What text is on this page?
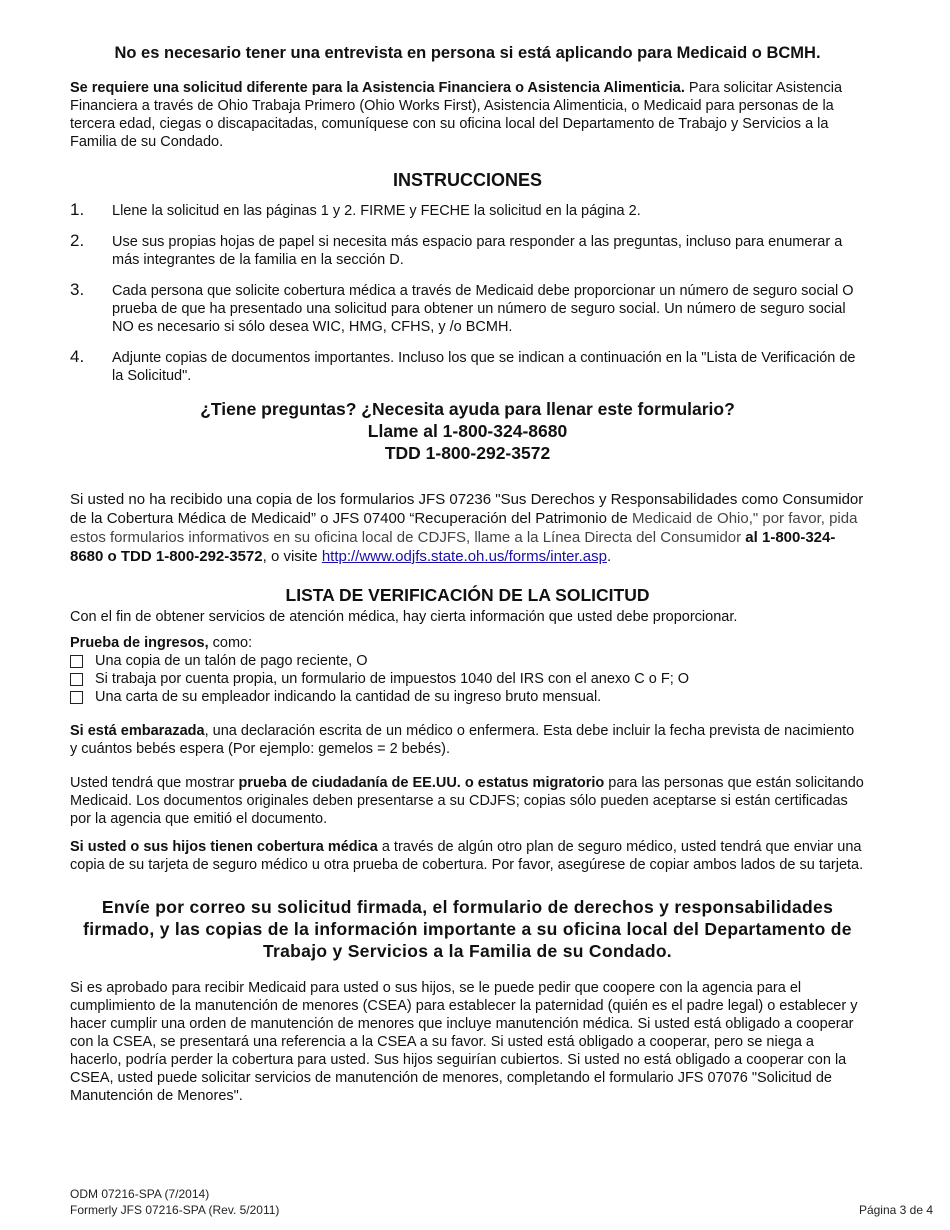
No es necesario tener una entrevista en persona si está aplicando para Medicaid o BCMH.

Se requiere una solicitud diferente para la Asistencia Financiera o Asistencia Alimenticia. Para solicitar Asistencia Financiera a través de Ohio Trabaja Primero (Ohio Works First), Asistencia Alimenticia, o Medicaid para personas de la tercera edad, ciegas o discapacitadas, comuníquese con su oficina local del Departamento de Trabajo y Servicios a la Familia de su Condado.

INSTRUCCIONES
1. Llene la solicitud en las páginas 1 y 2. FIRME y FECHE la solicitud en la página 2.
2. Use sus propias hojas de papel si necesita más espacio para responder a las preguntas, incluso para enumerar a más integrantes de la familia en la sección D.
3. Cada persona que solicite cobertura médica a través de Medicaid debe proporcionar un número de seguro social O prueba de que ha presentado una solicitud para obtener un número de seguro social. Un número de seguro social NO es necesario si sólo desea WIC, HMG, CFHS, y /o BCMH.
4. Adjunte copias de documentos importantes. Incluso los que se indican a continuación en la "Lista de Verificación de la Solicitud".
¿Tiene preguntas? ¿Necesita ayuda para llenar este formulario?
Llame al 1-800-324-8680
TDD 1-800-292-3572

Si usted no ha recibido una copia de los formularios JFS 07236 "Sus Derechos y Responsabilidades como Consumidor de la Cobertura Médica de Medicaid” o JFS 07400 “Recuperación del Patrimonio de Medicaid de Ohio," por favor, pida estos formularios informativos en su oficina local de CDJFS, llame a la Línea Directa del Consumidor al 1-800-324-8680 o TDD 1-800-292-3572, o visite http://www.odjfs.state.oh.us/forms/inter.asp.

LISTA DE VERIFICACIÓN DE LA SOLICITUD

Con el fin de obtener servicios de atención médica, hay cierta información que usted debe proporcionar.

Prueba de ingresos, como:

Una copia de un talón de pago reciente, O
Si trabaja por cuenta propia, un formulario de impuestos 1040 del IRS con el anexo C o F; O
Una carta de su empleador indicando la cantidad de su ingreso bruto mensual.

Si está embarazada, una declaración escrita de un médico o enfermera. Esta debe incluir la fecha prevista de nacimiento y cuántos bebés espera (Por ejemplo: gemelos = 2 bebés).

Usted tendrá que mostrar prueba de ciudadanía de EE.UU. o estatus migratorio para las personas que están solicitando Medicaid. Los documentos originales deben presentarse a su CDJFS; copias sólo pueden aceptarse si están certificadas por la agencia que emitió el documento.

Si usted o sus hijos tienen cobertura médica a través de algún otro plan de seguro médico, usted tendrá que enviar una copia de su tarjeta de seguro médico u otra prueba de cobertura. Por favor, asegúrese de copiar ambos lados de su tarjeta.

Envíe por correo su solicitud firmada, el formulario de derechos y responsabilidades firmado, y las copias de la información importante a su oficina local del Departamento de Trabajo y Servicios a la Familia de su Condado.

Si es aprobado para recibir Medicaid para usted o sus hijos, se le puede pedir que coopere con la agencia para el cumplimiento de la manutención de menores (CSEA) para establecer la paternidad (quién es el padre legal) o establecer y hacer cumplir una orden de manutención de menores que incluye manutención médica. Si usted está obligado a cooperar con la CSEA, se presentará una referencia a la CSEA a su favor. Si usted está obligado a cooperar, pero se niega a hacerlo, podría perder la cobertura para usted. Sus hijos seguirían cubiertos. Si usted no está obligado a cooperar con la CSEA, usted puede solicitar servicios de manutención de menores, completando el formulario JFS 07076 "Solicitud de Manutención de Menores".

ODM 07216-SPA (7/2014)
Formerly JFS 07216-SPA (Rev. 5/2011)	Página 3 de 4
